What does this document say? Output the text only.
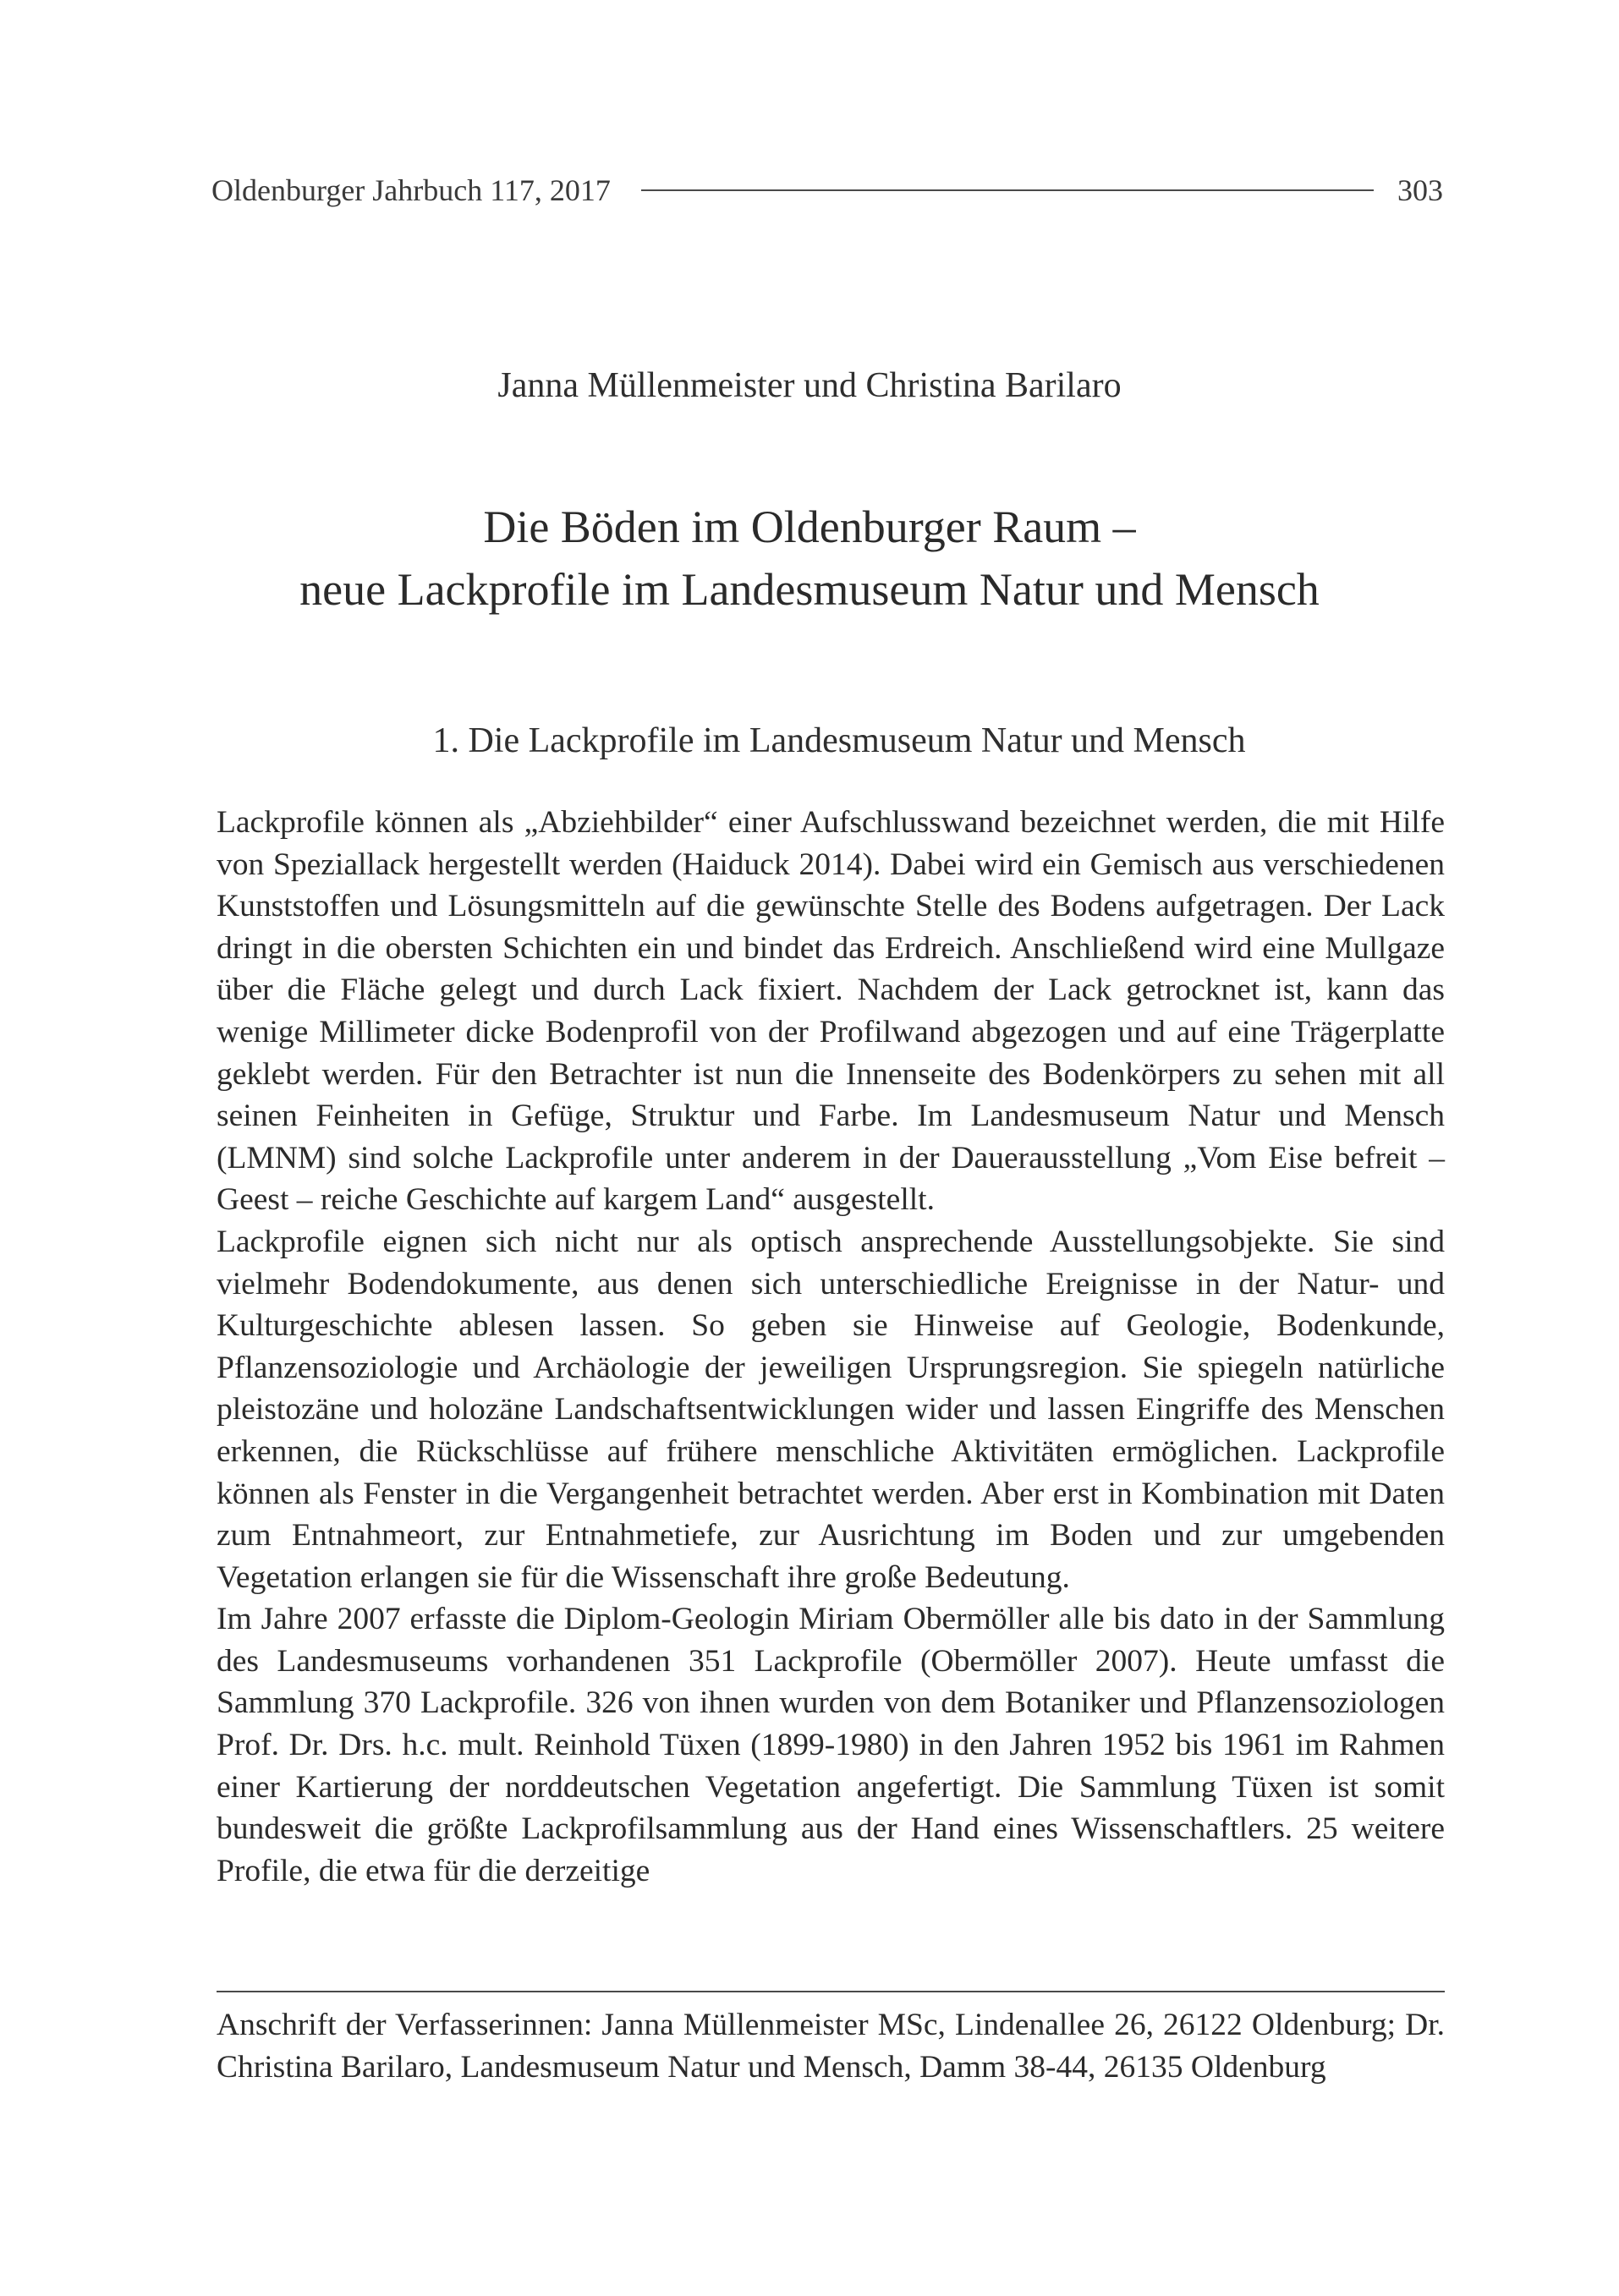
Oldenburger Jahrbuch 117, 2017	303
Janna Müllenmeister und Christina Barilaro
Die Böden im Oldenburger Raum –
neue Lackprofile im Landesmuseum Natur und Mensch
1. Die Lackprofile im Landesmuseum Natur und Mensch

Lackprofile können als „Abziehbilder“ einer Aufschlusswand bezeichnet werden, die mit Hilfe von Speziallack hergestellt werden (Haiduck 2014). Dabei wird ein Gemisch aus verschiedenen Kunststoffen und Lösungsmitteln auf die gewünschte Stelle des Bodens aufgetragen. Der Lack dringt in die obersten Schichten ein und bindet das Erdreich. Anschließend wird eine Mullgaze über die Fläche gelegt und durch Lack fixiert. Nachdem der Lack getrocknet ist, kann das wenige Millimeter dicke Bodenprofil von der Profilwand abgezogen und auf eine Trägerplatte geklebt werden. Für den Betrachter ist nun die Innenseite des Bodenkörpers zu sehen mit all seinen Feinheiten in Gefüge, Struktur und Farbe. Im Landesmuseum Natur und Mensch (LMNM) sind solche Lackprofile unter anderem in der Dauerausstellung „Vom Eise befreit – Geest – reiche Geschichte auf kargem Land“ ausgestellt.

Lackprofile eignen sich nicht nur als optisch ansprechende Ausstellungsobjekte. Sie sind vielmehr Bodendokumente, aus denen sich unterschiedliche Ereignisse in der Natur- und Kulturgeschichte ablesen lassen. So geben sie Hinweise auf Geologie, Bodenkunde, Pflanzensoziologie und Archäologie der jeweiligen Ursprungsregion. Sie spiegeln natürliche pleistozäne und holozäne Landschaftsentwicklungen wider und lassen Eingriffe des Menschen erkennen, die Rückschlüsse auf frühere menschliche Aktivitäten ermöglichen. Lackprofile können als Fenster in die Vergangenheit betrachtet werden. Aber erst in Kombination mit Daten zum Entnahmeort, zur Entnahmetiefe, zur Ausrichtung im Boden und zur umgebenden Vegetation erlangen sie für die Wissenschaft ihre große Bedeutung.

Im Jahre 2007 erfasste die Diplom-Geologin Miriam Obermöller alle bis dato in der Sammlung des Landesmuseums vorhandenen 351 Lackprofile (Obermöller 2007). Heute umfasst die Sammlung 370 Lackprofile. 326 von ihnen wurden von dem Botaniker und Pflanzensoziologen Prof. Dr. Drs. h.c. mult. Reinhold Tüxen (1899-1980) in den Jahren 1952 bis 1961 im Rahmen einer Kartierung der norddeutschen Vegetation angefertigt. Die Sammlung Tüxen ist somit bundesweit die größte Lackprofilsammlung aus der Hand eines Wissenschaftlers. 25 weitere Profile, die etwa für die derzeitige

Anschrift der Verfasserinnen: Janna Müllenmeister MSc, Lindenallee 26, 26122 Oldenburg; Dr. Christina Barilaro, Landesmuseum Natur und Mensch, Damm 38-44, 26135 Oldenburg
